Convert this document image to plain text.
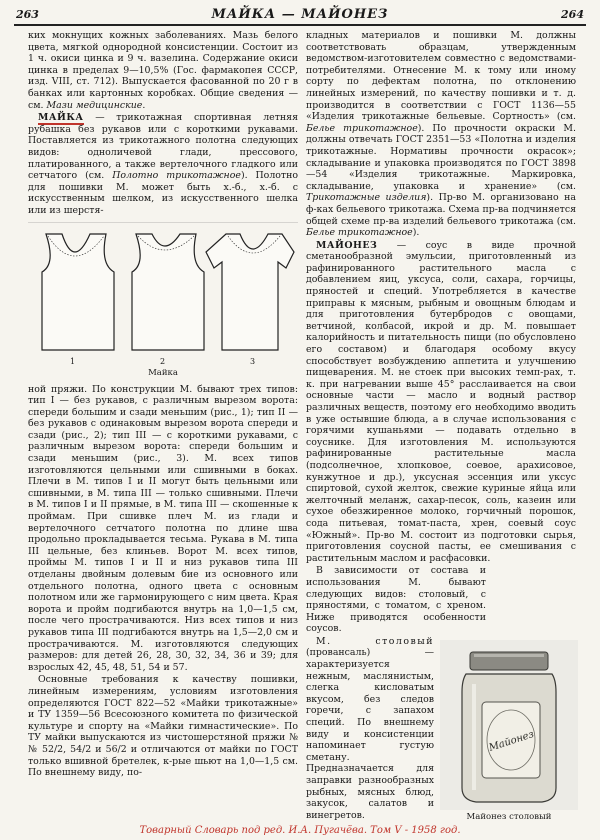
263	МАЙКА — МАЙОНЕЗ	264

ких мокнущих кожных заболеваниях. Мазь белого цвета, мягкой однородной консистенции. Состоит из 1 ч. окиси цинка и 9 ч. вазелина. Содержание окиси цинка в пределах 9—10,5% (Гос. фармакопея СССР, изд. VIII, ст. 712). Выпускается фасованной по 20 г в банках или картонных коробках. Общие сведения — см. Мази медицинские.

МАЙКА — трикотажная спортивная летняя рубашка без рукавов или с короткими рукавами. Поставляется из трикотажного полотна следующих видов: одноличевой глади, прессового, платированного, а также вертелочного гладкого или сетчатого (см. Полотно трикотажное). Полотно для пошивки М. может быть х.-б., х.-б. с искусственным шелком, из искусственного шелка или из шерстя-

1	2	3
Майка

ной пряжи. По конструкции М. бывают трех типов: тип I — без рукавов, с различным вырезом ворота: спереди большим и сзади меньшим (рис., 1); тип II — без рукавов с одинаковым вырезом ворота спереди и сзади (рис., 2); тип III — с короткими рукавами, с различным вырезом ворота: спереди большим и сзади меньшим (рис., 3). М. всех типов изготовляются цельными или сшивными в боках. Плечи в М. типов I и II могут быть цельными или сшивными, в М. типа III — только сшивными. Плечи в М. типов I и II прямые, в М. типа III — скошенные к проймам. При сшивке плеч М. из глади и вертелочного сетчатого полотна по длине шва продольно прокладывается тесьма. Рукава в М. типа III цельные, без клиньев. Ворот М. всех типов, проймы М. типов I и II и низ рукавов типа III отделаны двойным долевым бие из основного или отдельного полотна, одного цвета с основным полотном или же гармонирующего с ним цвета. Края ворота и пройм подгибаются внутрь на 1,0—1,5 см, после чего прострачиваются. Низ всех типов и низ рукавов типа III подгибаются внутрь на 1,5—2,0 см и прострачиваются. М. изготовляются следующих размеров: для детей 26, 28, 30, 32, 34, 36 и 39; для взрослых 42, 45, 48, 51, 54 и 57.

Основные требования к качеству пошивки, линейным измерениям, условиям изготовления определяются ГОСТ 822—52 «Майки трикотажные» и ТУ 1359—56 Всесоюзного комитета по физической культуре и спорту на «Майки гимнастические». По ТУ майки выпускаются из чистошерстяной пряжи №№ 52/2, 54/2 и 56/2 и отличаются от майки по ГОСТ только вшивной бретелек, к-рые шьют на 1,0—1,5 см. По внешнему виду, по-

кладных материалов и пошивки М. должны соответствовать образцам, утвержденным ведомством-изготовителем совместно с ведомствами-потребителями. Отнесение М. к тому или иному сорту по дефектам полотна, по отклонению линейных измерений, по качеству пошивки и т. д. производится в соответствии с ГОСТ 1136—55 «Изделия трикотажные бельевые. Сортность» (см. Белье трикотажное). По прочности окраски М. должны отвечать ГОСТ 2351—53 «Полотна и изделия трикотажные. Нормативы прочности окрасок»; складывание и упаковка производятся по ГОСТ 3898—54 «Изделия трикотажные. Маркировка, складывание, упаковка и хранение» (см. Трикотажные изделия). Пр-во М. организовано на ф-ках бельевого трикотажа. Схема пр-ва подчиняется общей схеме пр-ва изделий бельевого трикотажа (см. Белье трикотажное).

МАЙОНЕЗ — соус в виде прочной сметанообразной эмульсии, приготовленный из рафинированного растительного масла с добавлением яиц, уксуса, соли, сахара, горчицы, пряностей и специй. Употребляется в качестве приправы к мясным, рыбным и овощным блюдам и для приготовления бутербродов с овощами, ветчиной, колбасой, икрой и др. М. повышает калорийность и питательность пищи (по обусловлено его составом) и благодаря особому вкусу способствует возбуждению аппетита и улучшению пищеварения. М. не стоек при высоких темп-рах, т. к. при нагревании выше 45° расслаивается на свои основные части — масло и водный раствор различных веществ, поэтому его необходимо вводить в уже остывшие блюда, а в случае использования с горячими кушаньями — подавать отдельно в соуснике. Для изготовления М. используются рафинированные растительные масла (подсолнечное, хлопковое, соевое, арахисовое, кунжутное и др.), уксусная эссенция или уксус спиртовой, сухой желток, свежие куриные яйца или желточный меланж, сахар-песок, соль, казеин или сухое обезжиренное молоко, горчичный порошок, сода питьевая, томат-паста, хрен, соевый соус «Южный». Пр-во М. состоит из подготовки сырья, приготовления соусной пасты, ее смешивания с растительным маслом и расфасовки.

В зависимости от состава и использования М. бывают следующих видов: столовый, с пряностями, с томатом, с хреном. Ниже приводятся особенности соусов.

М. столовый (провансаль) — характеризуется нежным, маслянистым, слегка кисловатым вкусом, без следов горечи, с запахом специй. По внешнему виду и консистенции напоминает густую сметану. Предназначается для заправки разнообразных рыбных, мясных блюд, закусок, салатов и винегретов.

Майонез
Майонез столовый
Товарный Словарь под ред. И.А. Пугачёва. Том V - 1958 год.
